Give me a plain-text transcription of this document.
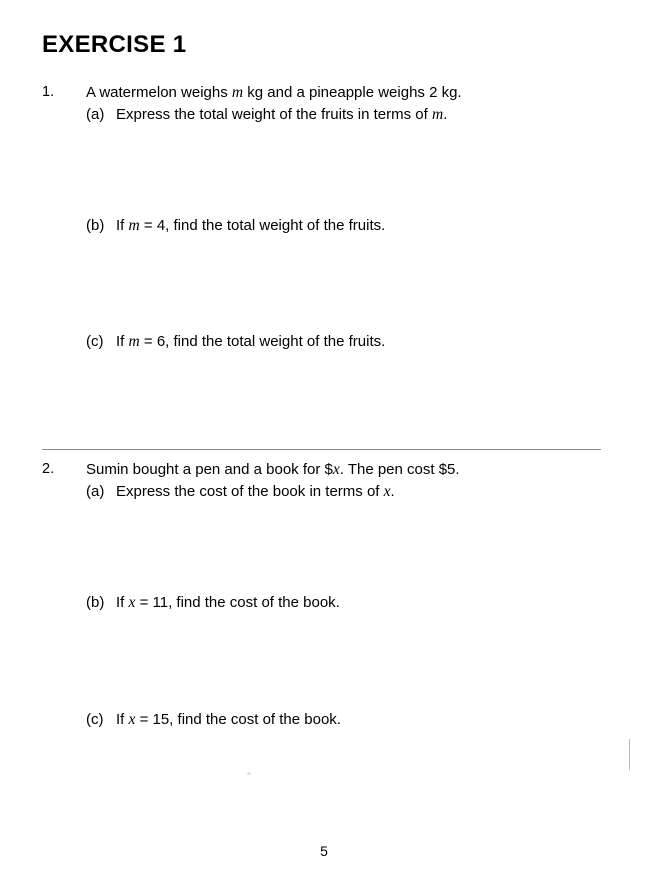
EXERCISE 1
1. A watermelon weighs m kg and a pineapple weighs 2 kg.
(a) Express the total weight of the fruits in terms of m.
(b) If m = 4, find the total weight of the fruits.
(c) If m = 6, find the total weight of the fruits.
2. Sumin bought a pen and a book for $x. The pen cost $5.
(a) Express the cost of the book in terms of x.
(b) If x = 11, find the cost of the book.
(c) If x = 15, find the cost of the book.
5
